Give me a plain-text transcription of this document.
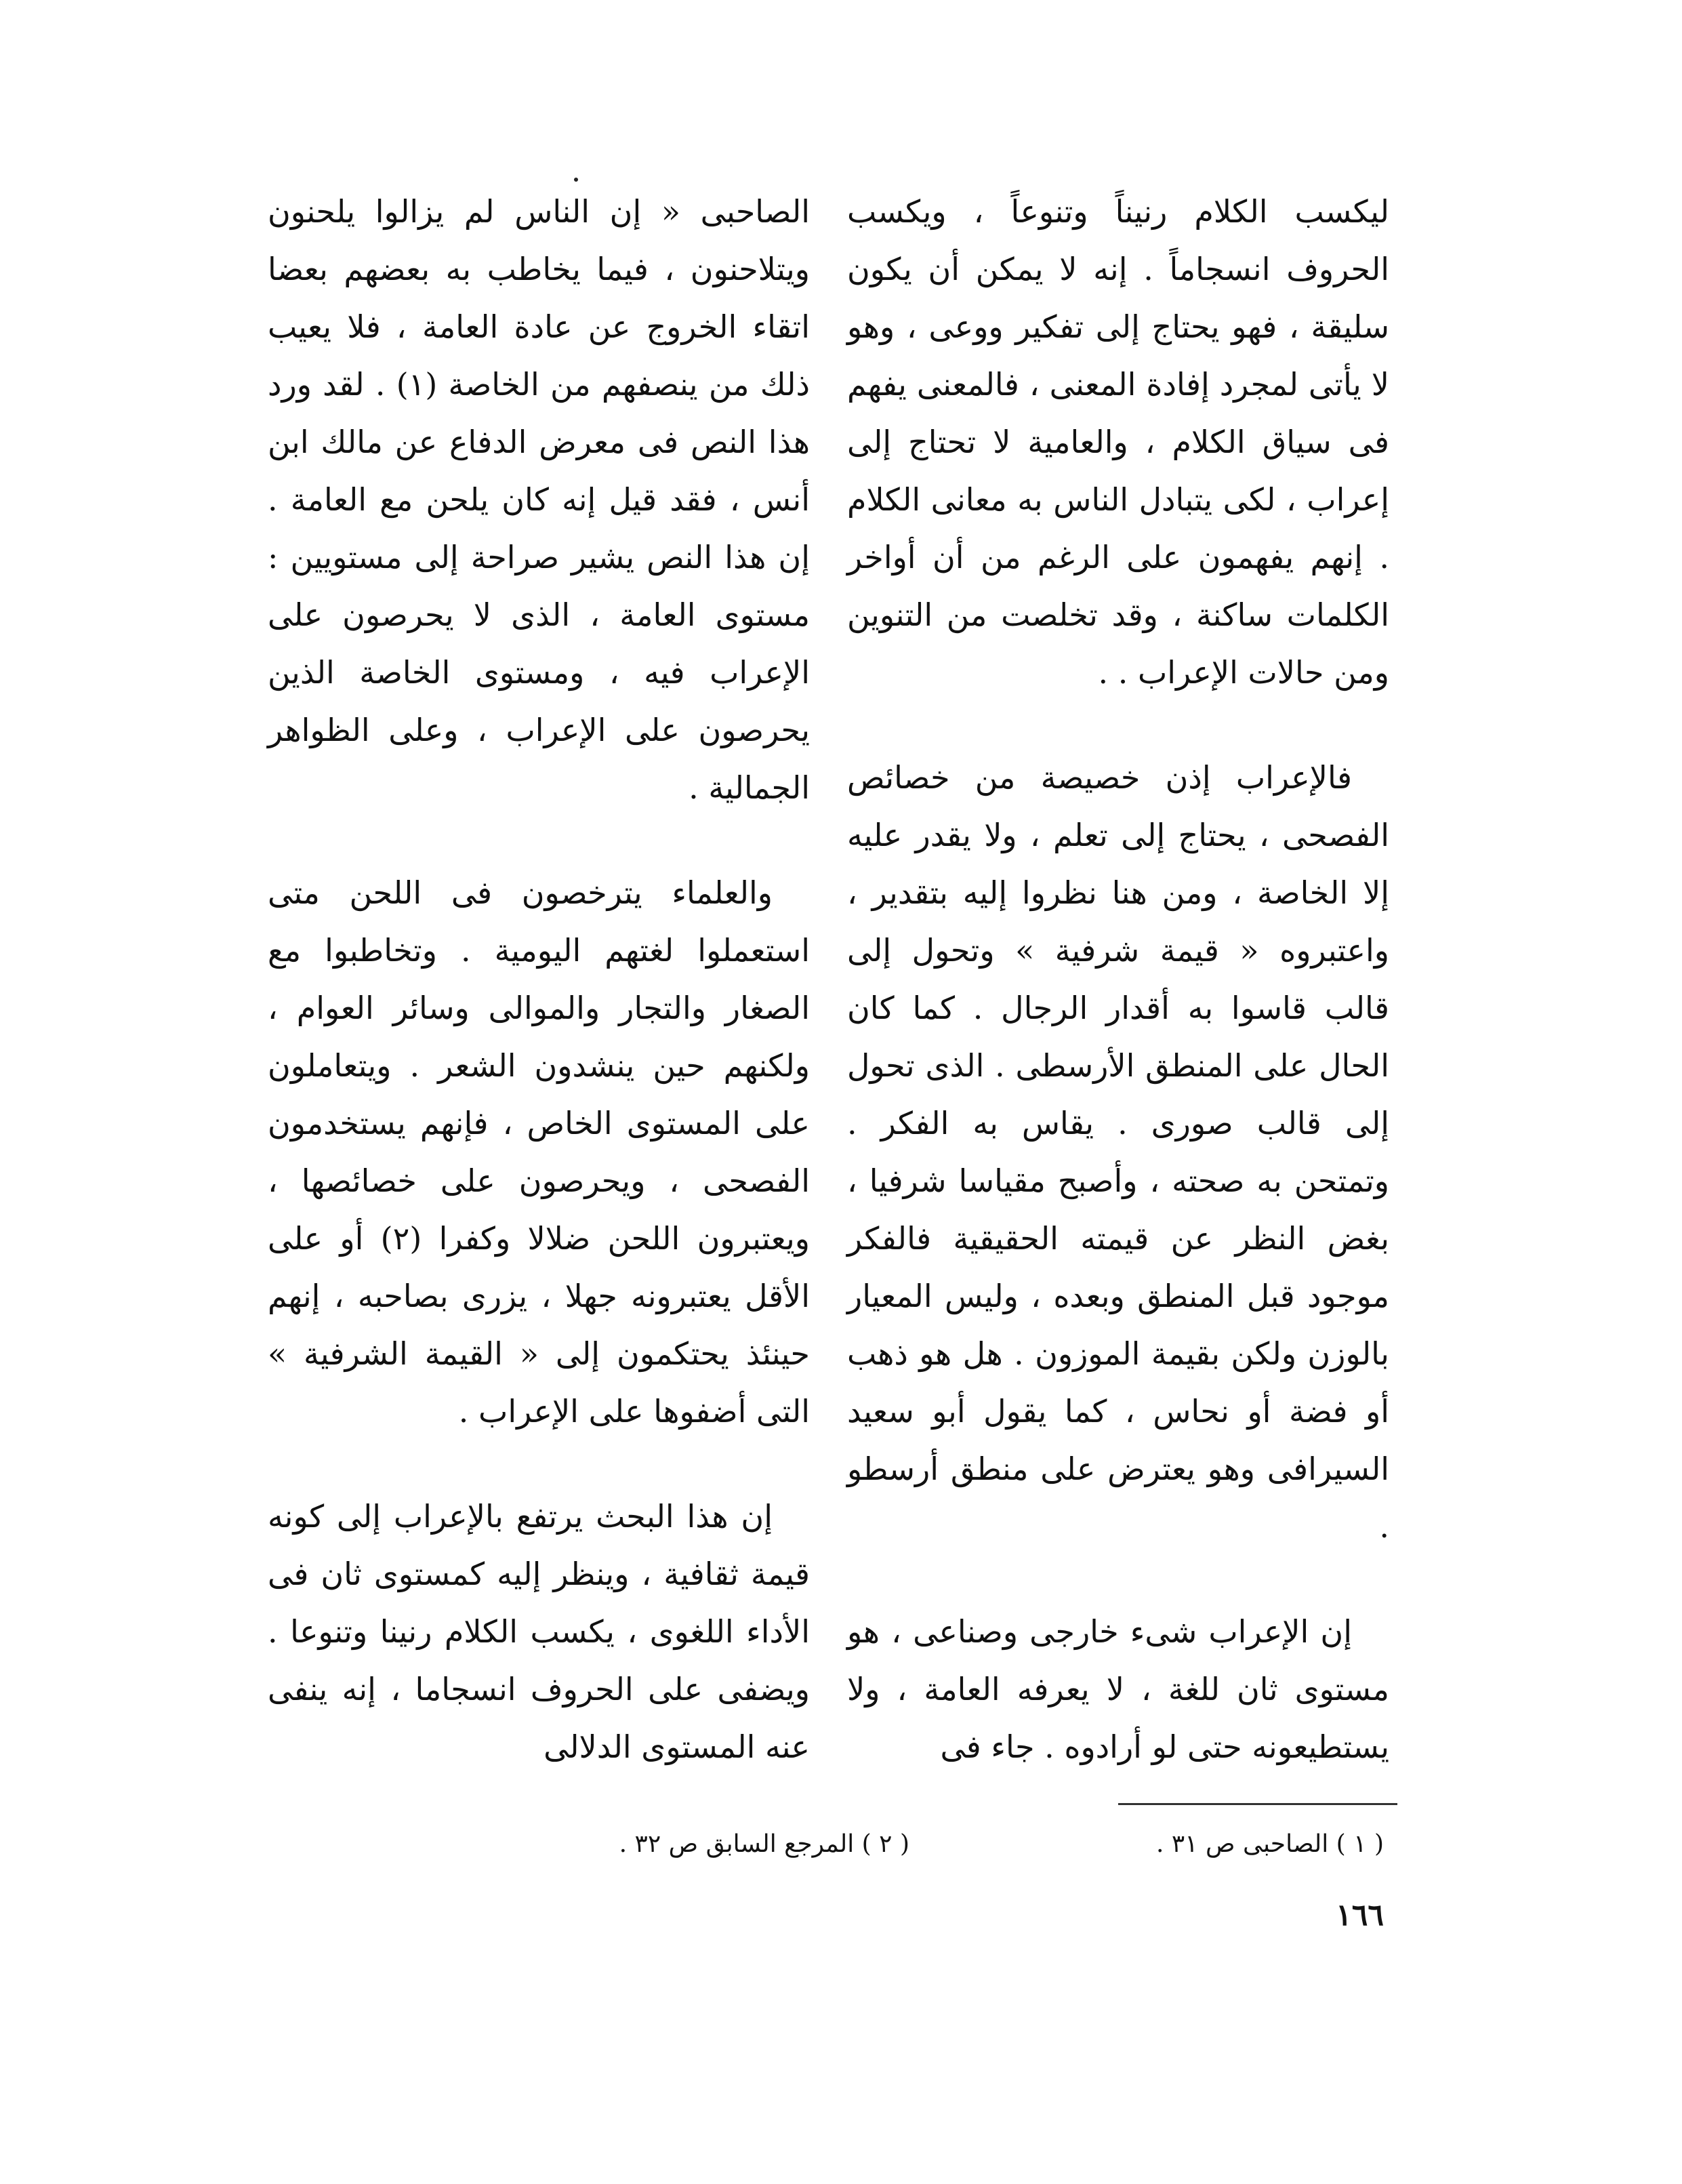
ليكسب الكلام رنيناً وتنوعاً ، ويكسب الحروف انسجاماً . إنه لا يمكن أن يكون سليقة ، فهو يحتاج إلى تفكير ووعى ، وهو لا يأتى لمجرد إفادة المعنى ، فالمعنى يفهم فى سياق الكلام ، والعامية لا تحتاج إلى إعراب ، لكى يتبادل الناس به معانى الكلام . إنهم يفهمون على الرغم من أن أواخر الكلمات ساكنة ، وقد تخلصت من التنوين ومن حالات الإعراب . .

فالإعراب إذن خصيصة من خصائص الفصحى ، يحتاج إلى تعلم ، ولا يقدر عليه إلا الخاصة ، ومن هنا نظروا إليه بتقدير ، واعتبروه « قيمة شرفية » وتحول إلى قالب قاسوا به أقدار الرجال . كما كان الحال على المنطق الأرسطى . الذى تحول إلى قالب صورى . يقاس به الفكر . وتمتحن به صحته ، وأصبح مقياسا شرفيا ، بغض النظر عن قيمته الحقيقية فالفكر موجود قبل المنطق وبعده ، وليس المعيار بالوزن ولكن بقيمة الموزون . هل هو ذهب أو فضة أو نحاس ، كما يقول أبو سعيد السيرافى وهو يعترض على منطق أرسطو .

إن الإعراب شىء خارجى وصناعى ، هو مستوى ثان للغة ، لا يعرفه العامة ، ولا يستطيعونه حتى لو أرادوه . جاء فى

الصاحبى « إن الناس لم يزالوا يلحنون ويتلاحنون ، فيما يخاطب به بعضهم بعضا اتقاء الخروج عن عادة العامة ، فلا يعيب ذلك من ينصفهم من الخاصة (١) . لقد ورد هذا النص فى معرض الدفاع عن مالك ابن أنس ، فقد قيل إنه كان يلحن مع العامة . إن هذا النص يشير صراحة إلى مستويين : مستوى العامة ، الذى لا يحرصون على الإعراب فيه ، ومستوى الخاصة الذين يحرصون على الإعراب ، وعلى الظواهر الجمالية .

والعلماء يترخصون فى اللحن متى استعملوا لغتهم اليومية . وتخاطبوا مع الصغار والتجار والموالى وسائر العوام ، ولكنهم حين ينشدون الشعر . ويتعاملون على المستوى الخاص ، فإنهم يستخدمون الفصحى ، ويحرصون على خصائصها ، ويعتبرون اللحن ضلالا وكفرا (٢) أو على الأقل يعتبرونه جهلا ، يزرى بصاحبه ، إنهم حينئذ يحتكمون إلى « القيمة الشرفية » التى أضفوها على الإعراب .

إن هذا البحث يرتفع بالإعراب إلى كونه قيمة ثقافية ، وينظر إليه كمستوى ثان فى الأداء اللغوى ، يكسب الكلام رنينا وتنوعا . ويضفى على الحروف انسجاما ، إنه ينفى عنه المستوى الدلالى

( ١ ) الصاحبى ص ٣١ .
( ٢ ) المرجع السابق ص ٣٢ .
١٦٦
